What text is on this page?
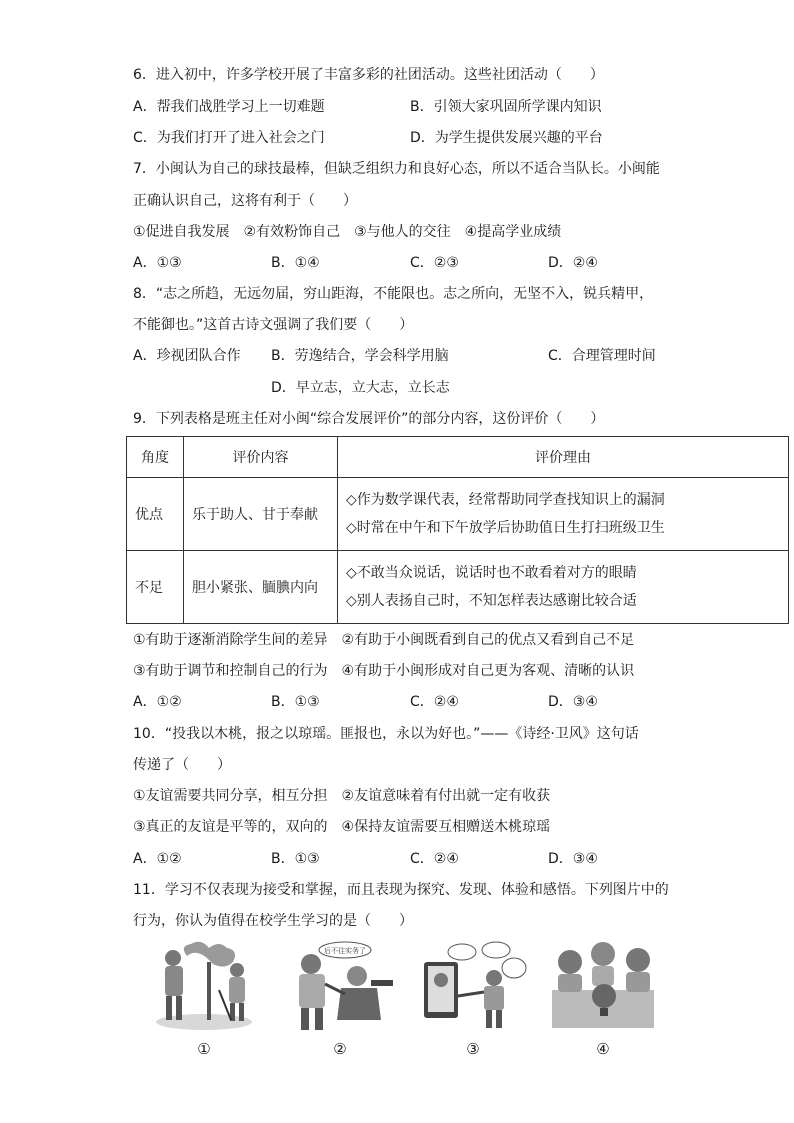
6．进入初中，许多学校开展了丰富多彩的社团活动。这些社团活动（　　）
A．帮我们战胜学习上一切难题	B．引领大家巩固所学课内知识
C．为我们打开了进入社会之门	D．为学生提供发展兴趣的平台
7．小闽认为自己的球技最棒，但缺乏组织力和良好心态，所以不适合当队长。小闽能
正确认识自己，这将有利于（　　）
①促进自我发展　②有效粉饰自己　③与他人的交往　④提高学业成绩
A．①③	B．①④	C．②③	D．②④
8．“志之所趋，无远勿届，穷山距海，不能限也。志之所向，无坚不入，锐兵精甲，
不能御也。”这首古诗文强调了我们要（　　）
A．珍视团队合作 B．劳逸结合，学会科学用脑	C．合理管理时间
D．早立志，立大志，立长志
9．下列表格是班主任对小闽“综合发展评价”的部分内容，这份评价（　　）
角度	评价内容	评价理由
优点	乐于助人、甘于奉献	◇作为数学课代表，经常帮助同学查找知识上的漏洞
◇时常在中午和下午放学后协助值日生打扫班级卫生

不足	胆小紧张、腼腆内向	◇不敢当众说话，说话时也不敢看着对方的眼睛
◇别人表扬自己时，不知怎样表达感谢比较合适
①有助于逐渐消除学生间的差异　②有助于小闽既看到自己的优点又看到自己不足
③有助于调节和控制自己的行为　④有助于小闽形成对自己更为客观、清晰的认识
A．①②	B．①③	C．②④	D．③④
10．“投我以木桃，报之以琼瑶。匪报也，永以为好也。”——《诗经·卫风》这句话
传递了（　　）
①友谊需要共同分享，相互分担　②友谊意味着有付出就一定有收获
③真正的友谊是平等的，双向的　④保持友谊需要互相赠送木桃琼瑶
A．①②	B．①③	C．②④	D．③④
11．学习不仅表现为接受和掌握，而且表现为探究、发现、体验和感悟。下列图片中的
行为，你认为值得在校学生学习的是（　　）
后不往实务了
①	②	③	④
